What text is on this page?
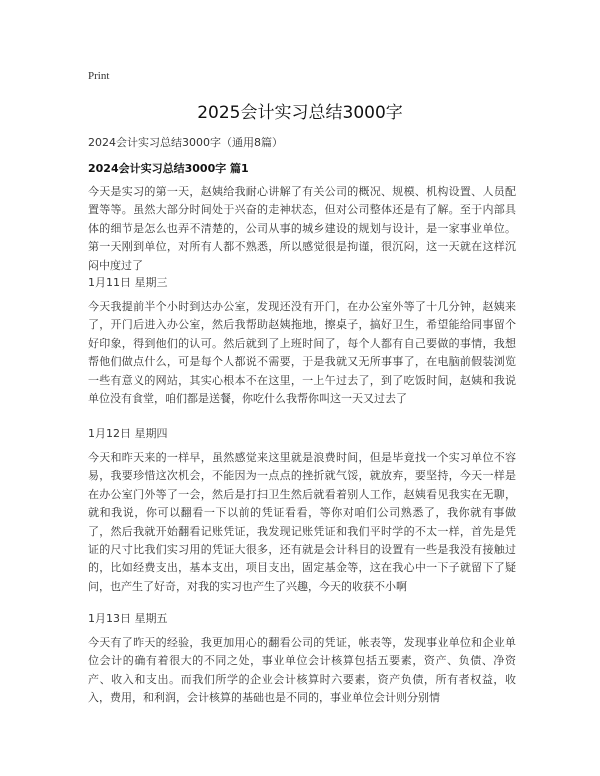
Print
2025会计实习总结3000字
2024会计实习总结3000字（通用8篇）
2024会计实习总结3000字 篇1
今天是实习的第一天，赵姨给我耐心讲解了有关公司的概况、规模、机构设置、人员配置等等。虽然大部分时间处于兴奋的走神状态，但对公司整体还是有了解。至于内部具体的细节是怎么也弄不清楚的，公司从事的城乡建设的规划与设计，是一家事业单位。第一天刚到单位，对所有人都不熟悉，所以感觉很是拘谨，很沉闷，这一天就在这样沉闷中度过了
1月11日 星期三
今天我提前半个小时到达办公室，发现还没有开门，在办公室外等了十几分钟，赵姨来了，开门后进入办公室，然后我帮助赵姨拖地，擦桌子，搞好卫生，希望能给同事留个好印象，得到他们的认可。然后就到了上班时间了，每个人都有自己要做的事情，我想帮他们做点什么，可是每个人都说不需要，于是我就又无所事事了，在电脑前假装浏览一些有意义的网站，其实心根本不在这里，一上午过去了，到了吃饭时间，赵姨和我说单位没有食堂，咱们都是送餐，你吃什么我帮你叫这一天又过去了
1月12日 星期四
今天和昨天来的一样早，虽然感觉来这里就是浪费时间，但是毕竟找一个实习单位不容易，我要珍惜这次机会，不能因为一点点的挫折就气馁，就放弃，要坚持，今天一样是在办公室门外等了一会，然后是打扫卫生然后就看着别人工作，赵姨看见我实在无聊，就和我说，你可以翻看一下以前的凭证看看，等你对咱们公司熟悉了，我你就有事做了，然后我就开始翻看记账凭证，我发现记账凭证和我们平时学的不太一样，首先是凭证的尺寸比我们实习用的凭证大很多，还有就是会计科目的设置有一些是我没有接触过的，比如经费支出，基本支出，项目支出，固定基金等，这在我心中一下子就留下了疑问，也产生了好奇，对我的实习也产生了兴趣，今天的收获不小啊
1月13日 星期五
今天有了昨天的经验，我更加用心的翻看公司的凭证，帐表等，发现事业单位和企业单位会计的确有着很大的不同之处，事业单位会计核算包括五要素，资产、负债、净资产、收入和支出。而我们所学的企业会计核算时六要素，资产负债，所有者权益，收入，费用，和利润，会计核算的基础也是不同的，事业单位会计则分别情
